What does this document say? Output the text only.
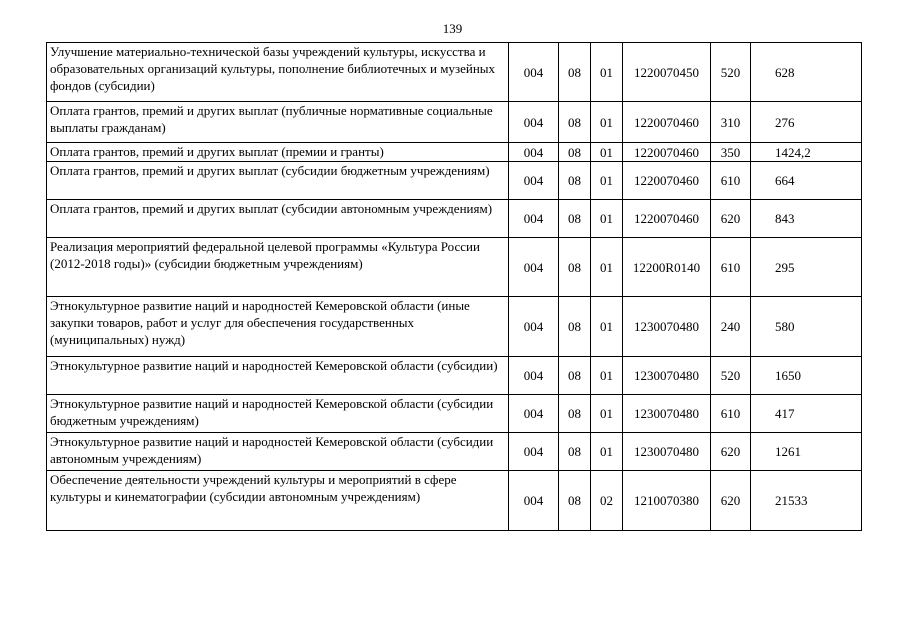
139
Улучшение материально-технической базы учреждений культуры, искусства и образовательных организаций культуры, пополнение библиотечных и музейных фондов (субсидии)	004	08	01	1220070450	520	628
Оплата грантов, премий и других выплат (публичные нормативные социальные выплаты гражданам)	004	08	01	1220070460	310	276
Оплата грантов, премий и других выплат (премии и гранты)	004	08	01	1220070460	350	1424,2
Оплата грантов, премий и других выплат (субсидии бюджетным учреждениям)	004	08	01	1220070460	610	664
Оплата грантов, премий и других выплат (субсидии автономным учреждениям)	004	08	01	1220070460	620	843
Реализация мероприятий федеральной целевой программы «Культура России (2012-2018 годы)» (субсидии бюджетным учреждениям)	004	08	01	12200R0140	610	295
Этнокультурное развитие наций и народностей Кемеровской области (иные закупки товаров, работ и услуг для обеспечения государственных (муниципальных) нужд)	004	08	01	1230070480	240	580
Этнокультурное развитие наций и народностей Кемеровской области (субсидии)	004	08	01	1230070480	520	1650
Этнокультурное развитие наций и народностей Кемеровской области (субсидии бюджетным учреждениям)	004	08	01	1230070480	610	417
Этнокультурное развитие наций и народностей Кемеровской области (субсидии автономным учреждениям)	004	08	01	1230070480	620	1261
Обеспечение деятельности учреждений культуры и мероприятий в сфере культуры и кинематографии (субсидии автономным учреждениям)	004	08	02	1210070380	620	21533
